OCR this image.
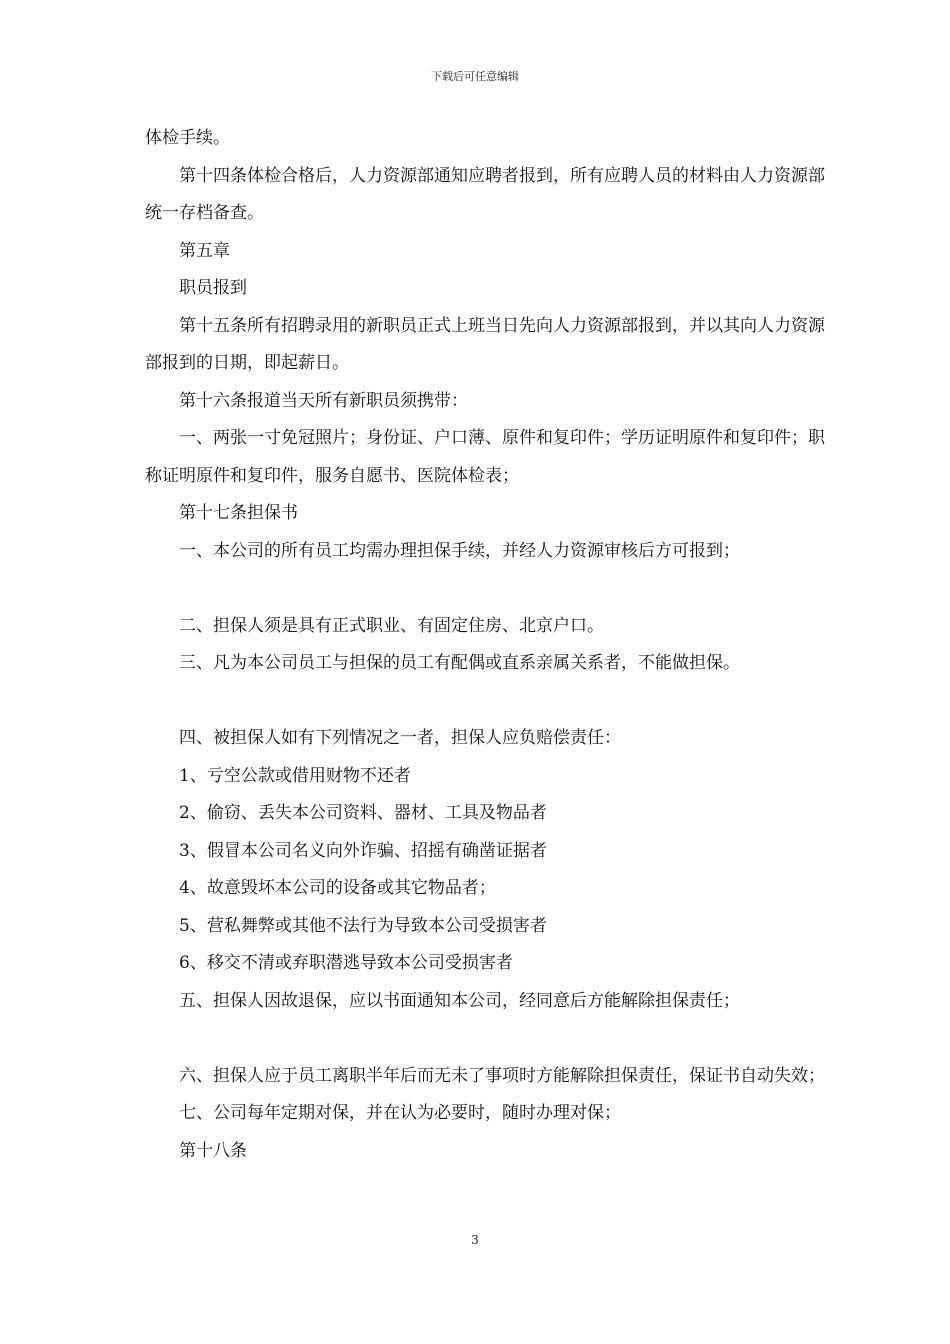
下载后可任意编辑

体检手续。

第十四条体检合格后，人力资源部通知应聘者报到，所有应聘人员的材料由人力资源部统一存档备查。

第五章

职员报到

第十五条所有招聘录用的新职员正式上班当日先向人力资源部报到，并以其向人力资源部报到的日期，即起薪日。

第十六条报道当天所有新职员须携带：

一、两张一寸免冠照片；身份证、户口薄、原件和复印件；学历证明原件和复印件；职称证明原件和复印件，服务自愿书、医院体检表；

第十七条担保书

一、本公司的所有员工均需办理担保手续，并经人力资源审核后方可报到；

二、担保人须是具有正式职业、有固定住房、北京户口。

三、凡为本公司员工与担保的员工有配偶或直系亲属关系者，不能做担保。

四、被担保人如有下列情况之一者，担保人应负赔偿责任：

1、亏空公款或借用财物不还者

2、偷窃、丢失本公司资料、器材、工具及物品者

3、假冒本公司名义向外诈骗、招摇有确凿证据者

4、故意毁坏本公司的设备或其它物品者；

5、营私舞弊或其他不法行为导致本公司受损害者

6、移交不清或弃职潜逃导致本公司受损害者

五、担保人因故退保，应以书面通知本公司，经同意后方能解除担保责任；

六、担保人应于员工离职半年后而无未了事项时方能解除担保责任，保证书自动失效；

七、公司每年定期对保，并在认为必要时，随时办理对保；

第十八条

3
